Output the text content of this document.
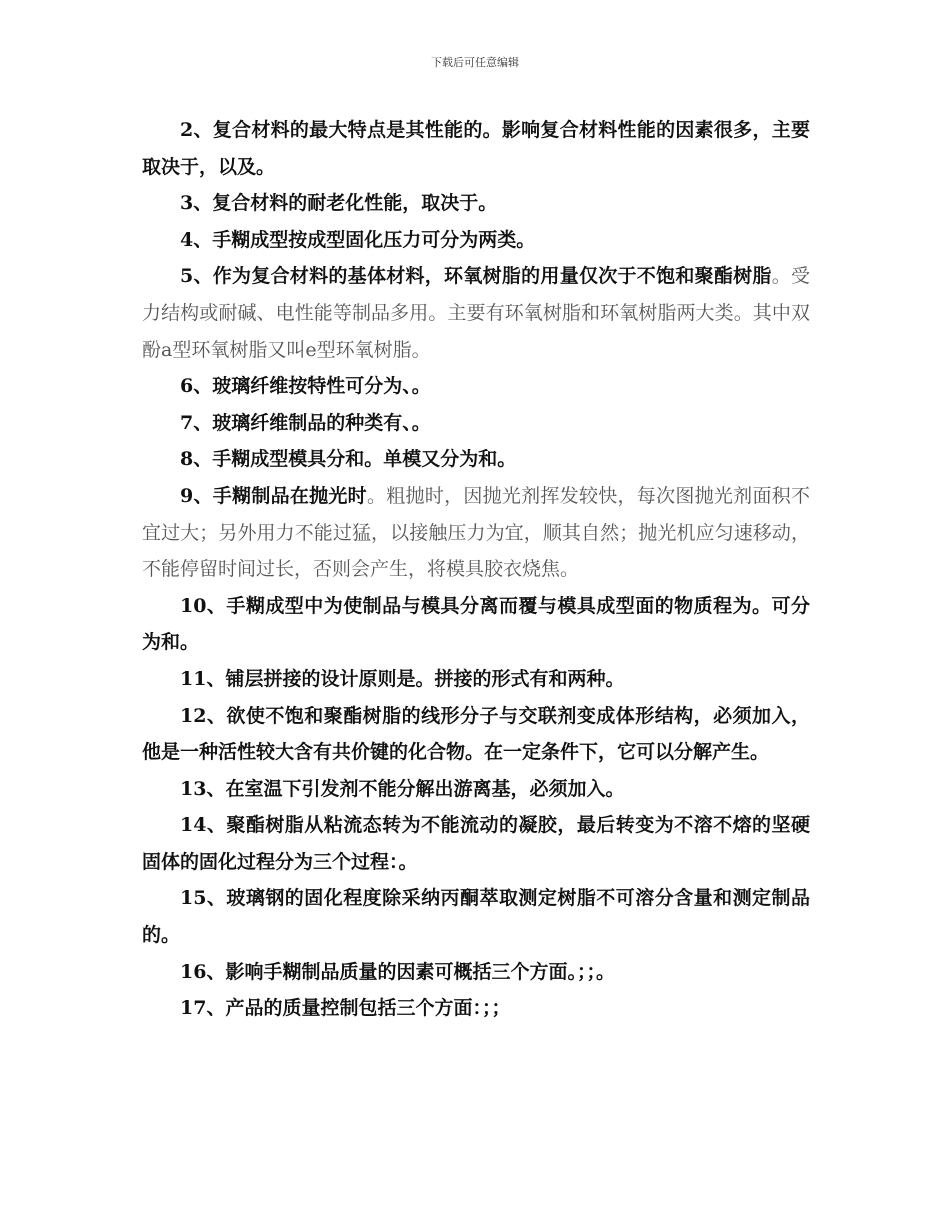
下载后可任意编辑

2、复合材料的最大特点是其性能的。影响复合材料性能的因素很多，主要取决于，以及。

3、复合材料的耐老化性能，取决于。

4、手糊成型按成型固化压力可分为两类。

5、作为复合材料的基体材料，环氧树脂的用量仅次于不饱和聚酯树脂。受力结构或耐碱、电性能等制品多用。主要有环氧树脂和环氧树脂两大类。其中双酚a型环氧树脂又叫e型环氧树脂。

6、玻璃纤维按特性可分为、。

7、玻璃纤维制品的种类有、。

8、手糊成型模具分和。单模又分为和。

9、手糊制品在抛光时。粗抛时，因抛光剂挥发较快，每次图抛光剂面积不宜过大；另外用力不能过猛，以接触压力为宜，顺其自然；抛光机应匀速移动，不能停留时间过长，否则会产生，将模具胶衣烧焦。

10、手糊成型中为使制品与模具分离而覆与模具成型面的物质程为。可分为和。

11、铺层拼接的设计原则是。拼接的形式有和两种。

12、欲使不饱和聚酯树脂的线形分子与交联剂变成体形结构，必须加入，他是一种活性较大含有共价键的化合物。在一定条件下，它可以分解产生。

13、在室温下引发剂不能分解出游离基，必须加入。

14、聚酯树脂从粘流态转为不能流动的凝胶，最后转变为不溶不熔的坚硬固体的固化过程分为三个过程：。

15、玻璃钢的固化程度除采纳丙酮萃取测定树脂不可溶分含量和测定制品的。

16、影响手糊制品质量的因素可概括三个方面。；；。

17、产品的质量控制包括三个方面：；；
